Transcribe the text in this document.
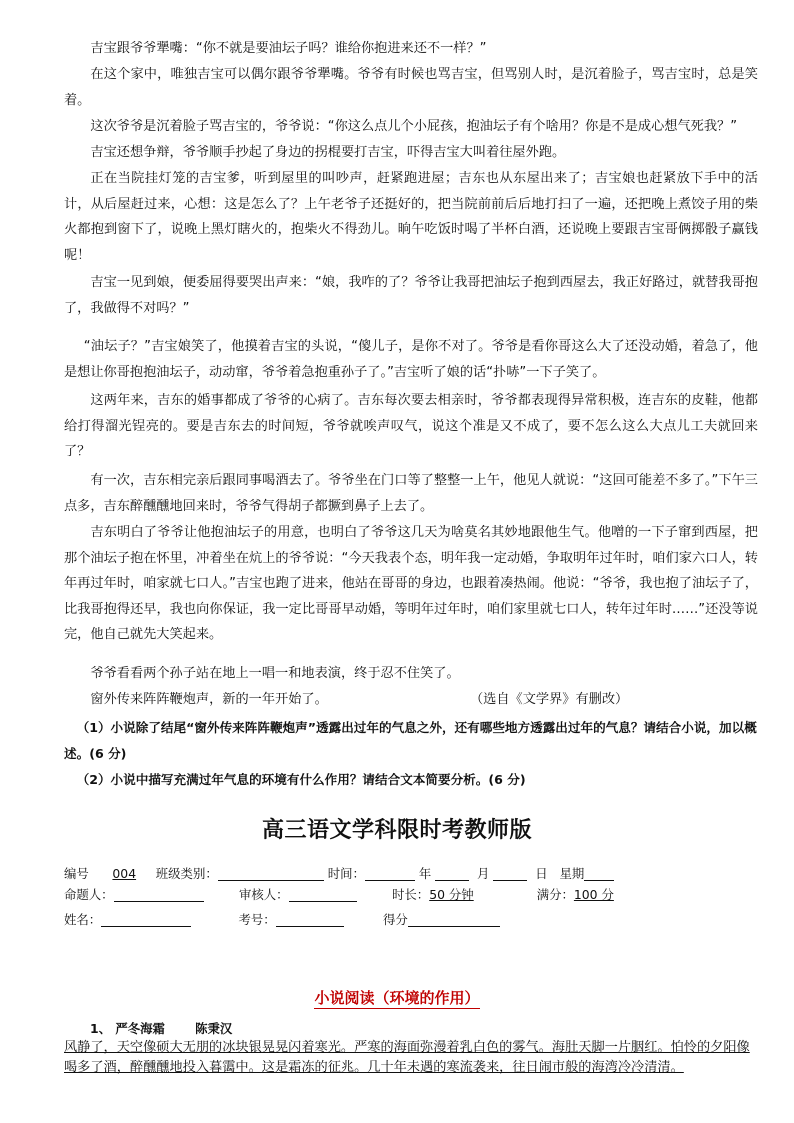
吉宝跟爷爷犟嘴：“你不就是要油坛子吗？谁给你抱进来还不一样？”

在这个家中，唯独吉宝可以偶尔跟爷爷犟嘴。爷爷有时候也骂吉宝，但骂别人时，是沉着脸子，骂吉宝时，总是笑着。

这次爷爷是沉着脸子骂吉宝的，爷爷说：“你这么点儿个小屁孩，抱油坛子有个啥用？你是不是成心想气死我？”

吉宝还想争辩，爷爷顺手抄起了身边的拐棍要打吉宝，吓得吉宝大叫着往屋外跑。

正在当院挂灯笼的吉宝爹，听到屋里的叫吵声，赶紧跑进屋；吉东也从东屋出来了；吉宝娘也赶紧放下手中的活计，从后屋赶过来，心想：这是怎么了？上午老爷子还挺好的，把当院前前后后地打扫了一遍，还把晚上煮饺子用的柴火都抱到窗下了，说晚上黑灯瞎火的，抱柴火不得劲儿。晌午吃饭时喝了半杯白酒，还说晚上要跟吉宝哥俩掷骰子赢钱呢！

吉宝一见到娘，便委屈得要哭出声来：“娘，我咋的了？爷爷让我哥把油坛子抱到西屋去，我正好路过，就替我哥抱了，我做得不对吗？”

“油坛子？”吉宝娘笑了，他摸着吉宝的头说，“傻儿子，是你不对了。爷爷是看你哥这么大了还没动婚，着急了，他是想让你哥抱抱油坛子，动动窜，爷爷着急抱重孙子了。”吉宝听了娘的话“扑哧”一下子笑了。

这两年来，吉东的婚事都成了爷爷的心病了。吉东每次要去相亲时，爷爷都表现得异常积极，连吉东的皮鞋，他都给打得溜光锃亮的。要是吉东去的时间短，爷爷就唉声叹气，说这个准是又不成了，要不怎么这么大点儿工夫就回来了？

有一次，吉东相完亲后跟同事喝酒去了。爷爷坐在门口等了整整一上午，他见人就说：“这回可能差不多了。”下午三点多，吉东醉醺醺地回来时，爷爷气得胡子都撅到鼻子上去了。

吉东明白了爷爷让他抱油坛子的用意，也明白了爷爷这几天为啥莫名其妙地跟他生气。他噌的一下子窜到西屋，把那个油坛子抱在怀里，冲着坐在炕上的爷爷说：“今天我表个态，明年我一定动婚，争取明年过年时，咱们家六口人，转年再过年时，咱家就七口人。”吉宝也跑了进来，他站在哥哥的身边，也跟着凑热闹。他说：“爷爷，我也抱了油坛子了，比我哥抱得还早，我也向你保证，我一定比哥哥早动婚，等明年过年时，咱们家里就七口人，转年过年时……”还没等说完，他自己就先大笑起来。

爷爷看看两个孙子站在地上一唱一和地表演，终于忍不住笑了。

窗外传来阵阵鞭炮声，新的一年开始了。	（选自《文学界》有删改）

（1）小说除了结尾“窗外传来阵阵鞭炮声”透露出过年的气息之外，还有哪些地方透露出过年的气息？请结合小说，加以概述。(6 分)

（2）小说中描写充满过年气息的环境有什么作用？请结合文本简要分析。(6 分)

高三语文学科限时考教师版
编号 004 班级类别：	时间：	年	月	日 星期
命题人：	审核人：	时长：50 分钟	满分：100 分
姓名：	考号：	得分
小说阅读（环境的作用）
1、 严冬海霜 陈秉汉

风静了，天空像硕大无朋的冰块银晃晃闪着寒光。严寒的海面弥漫着乳白色的雾气。海肚天脚一片胭红。怕怜的夕阳像喝多了酒，醉醺醺地投入暮霭中。这是霜冻的征兆。几十年未遇的寒流袭来，往日闹市般的海湾冷冷清清。
